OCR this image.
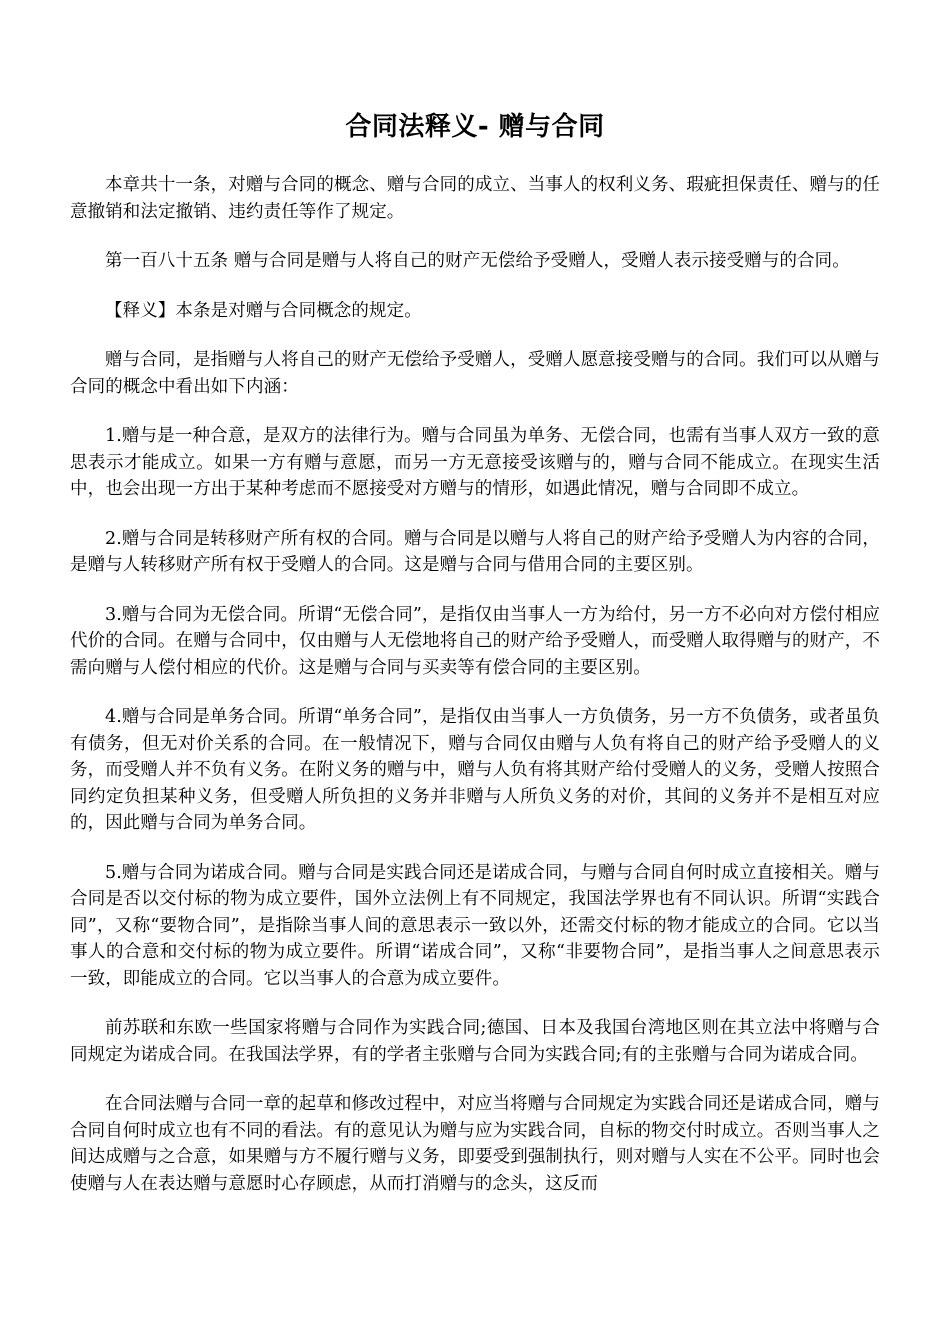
合同法释义- 赠与合同

本章共十一条，对赠与合同的概念、赠与合同的成立、当事人的权利义务、瑕疵担保责任、赠与的任意撤销和法定撤销、违约责任等作了规定。

第一百八十五条 赠与合同是赠与人将自己的财产无偿给予受赠人，受赠人表示接受赠与的合同。

【释义】本条是对赠与合同概念的规定。

赠与合同，是指赠与人将自己的财产无偿给予受赠人，受赠人愿意接受赠与的合同。我们可以从赠与合同的概念中看出如下内涵：

1.赠与是一种合意，是双方的法律行为。赠与合同虽为单务、无偿合同，也需有当事人双方一致的意思表示才能成立。如果一方有赠与意愿，而另一方无意接受该赠与的，赠与合同不能成立。在现实生活中，也会出现一方出于某种考虑而不愿接受对方赠与的情形，如遇此情况，赠与合同即不成立。

2.赠与合同是转移财产所有权的合同。赠与合同是以赠与人将自己的财产给予受赠人为内容的合同，是赠与人转移财产所有权于受赠人的合同。这是赠与合同与借用合同的主要区别。

3.赠与合同为无偿合同。所谓“无偿合同”，是指仅由当事人一方为给付，另一方不必向对方偿付相应代价的合同。在赠与合同中，仅由赠与人无偿地将自己的财产给予受赠人，而受赠人取得赠与的财产，不需向赠与人偿付相应的代价。这是赠与合同与买卖等有偿合同的主要区别。

4.赠与合同是单务合同。所谓“单务合同”，是指仅由当事人一方负债务，另一方不负债务，或者虽负有债务，但无对价关系的合同。在一般情况下，赠与合同仅由赠与人负有将自己的财产给予受赠人的义务，而受赠人并不负有义务。在附义务的赠与中，赠与人负有将其财产给付受赠人的义务，受赠人按照合同约定负担某种义务，但受赠人所负担的义务并非赠与人所负义务的对价，其间的义务并不是相互对应的，因此赠与合同为单务合同。

5.赠与合同为诺成合同。赠与合同是实践合同还是诺成合同，与赠与合同自何时成立直接相关。赠与合同是否以交付标的物为成立要件，国外立法例上有不同规定，我国法学界也有不同认识。所谓“实践合同”，又称“要物合同”，是指除当事人间的意思表示一致以外，还需交付标的物才能成立的合同。它以当事人的合意和交付标的物为成立要件。所谓“诺成合同”，又称“非要物合同”，是指当事人之间意思表示一致，即能成立的合同。它以当事人的合意为成立要件。

前苏联和东欧一些国家将赠与合同作为实践合同;德国、日本及我国台湾地区则在其立法中将赠与合同规定为诺成合同。在我国法学界，有的学者主张赠与合同为实践合同;有的主张赠与合同为诺成合同。

在合同法赠与合同一章的起草和修改过程中，对应当将赠与合同规定为实践合同还是诺成合同，赠与合同自何时成立也有不同的看法。有的意见认为赠与应为实践合同，自标的物交付时成立。否则当事人之间达成赠与之合意，如果赠与方不履行赠与义务，即要受到强制执行，则对赠与人实在不公平。同时也会使赠与人在表达赠与意愿时心存顾虑，从而打消赠与的念头，这反而
